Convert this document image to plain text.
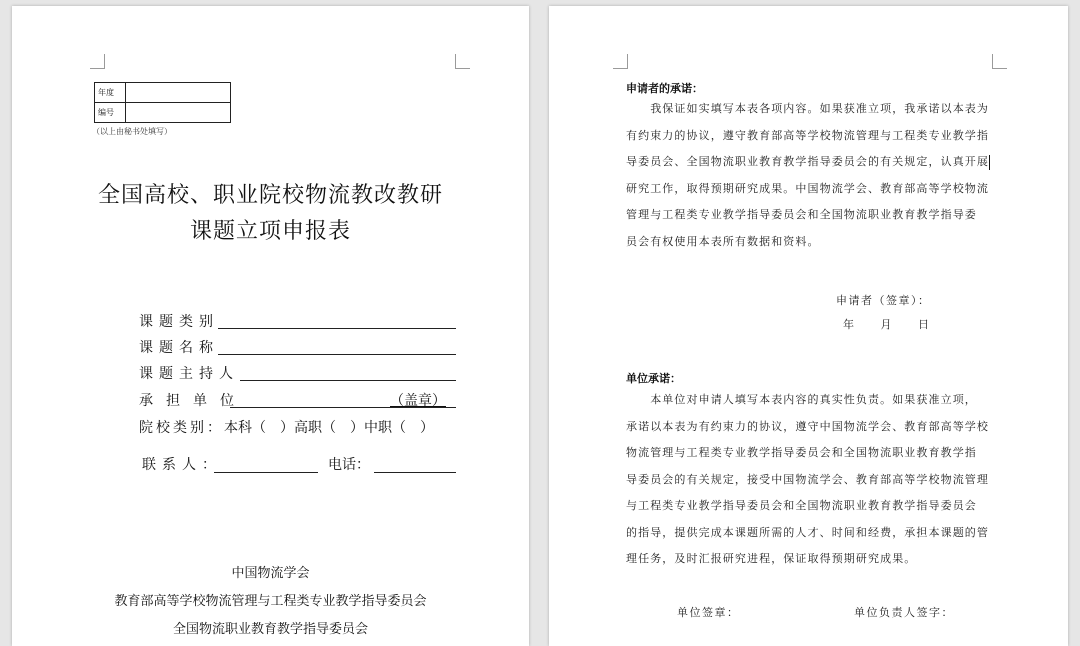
年度	
编号	
（以上由秘书处填写）
全国高校、职业院校物流教改教研
课题立项申报表
课题类别
课题名称
课题主持人
承担单位	（盖章）
院校类别：本科（　）高职（　）中职（　）
联系人：	电话：
中国物流学会
教育部高等学校物流管理与工程类专业教学指导委员会
全国物流职业教育教学指导委员会
申请者的承诺：
　　我保证如实填写本表各项内容。如果获准立项，我承诺以本表为
有约束力的协议，遵守教育部高等学校物流管理与工程类专业教学指
导委员会、全国物流职业教育教学指导委员会的有关规定，认真开展
研究工作，取得预期研究成果。中国物流学会、教育部高等学校物流
管理与工程类专业教学指导委员会和全国物流职业教育教学指导委
员会有权使用本表所有数据和资料。
申请者（签章）：
年　　月　　日
单位承诺：
　　本单位对申请人填写本表内容的真实性负责。如果获准立项，
承诺以本表为有约束力的协议，遵守中国物流学会、教育部高等学校
物流管理与工程类专业教学指导委员会和全国物流职业教育教学指
导委员会的有关规定，接受中国物流学会、教育部高等学校物流管理
与工程类专业教学指导委员会和全国物流职业教育教学指导委员会
的指导，提供完成本课题所需的人才、时间和经费，承担本课题的管
理任务，及时汇报研究进程，保证取得预期研究成果。
单位签章：	单位负责人签字：
